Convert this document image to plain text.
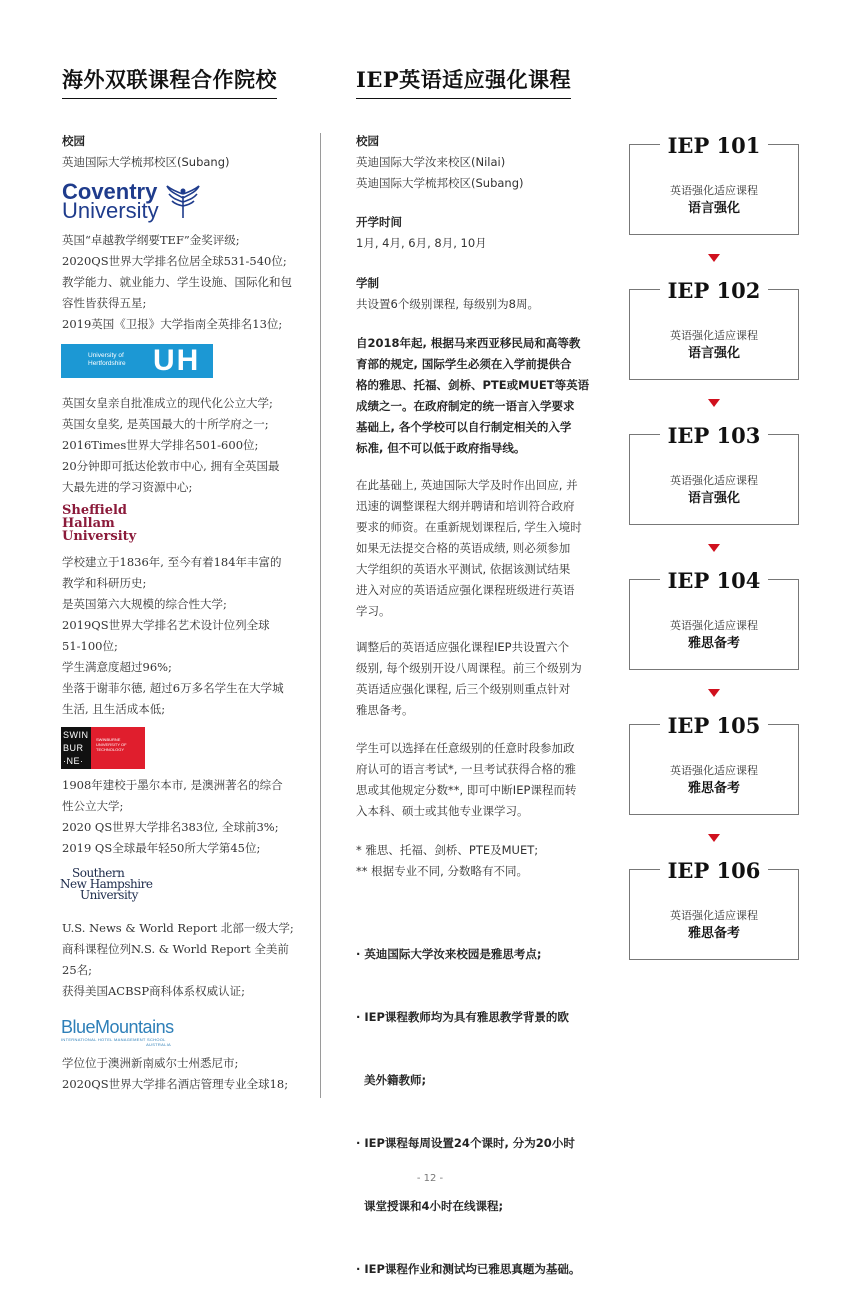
海外双联课程合作院校
校园
英迪国际大学梳邦校区(Subang)
Coventry
University
英国“卓越教学纲要TEF”金奖评级;
2020QS世界大学排名位居全球531-540位;
教学能力、就业能力、学生设施、国际化和包
容性皆获得五星;
2019英国《卫报》大学指南全英排名13位;
University of
Hertfordshire UH
英国女皇亲自批准成立的现代化公立大学;
英国女皇奖, 是英国最大的十所学府之一;
2016Times世界大学排名501-600位;
20分钟即可抵达伦敦市中心, 拥有全英国最
大最先进的学习资源中心;
Sheffield
Hallam
University
学校建立于1836年, 至今有着184年丰富的
教学和科研历史;
是英国第六大规模的综合性大学;
2019QS世界大学排名艺术设计位列全球
51-100位;
学生满意度超过96%;
坐落于谢菲尔德, 超过6万多名学生在大学城
生活, 且生活成本低;
SWIN
BUR
·NE·
SWINBURNE
UNIVERSITY OF
TECHNOLOGY
1908年建校于墨尔本市, 是澳洲著名的综合
性公立大学;
2020 QS世界大学排名383位, 全球前3%;
2019 QS全球最年轻50所大学第45位;
Southern
New Hampshire
University
U.S. News & World Report 北部一级大学;
商科课程位列N.S. & World Report 全美前
25名;
获得美国ACBSP商科体系权威认证;
BlueMountains
INTERNATIONAL HOTEL MANAGEMENT SCHOOL
AUSTRALIA
学位位于澳洲新南威尔士州悉尼市;
2020QS世界大学排名酒店管理专业全球18;
IEP英语适应强化课程
校园
英迪国际大学汝来校区(Nilai)
英迪国际大学梳邦校区(Subang)
开学时间
1月, 4月, 6月, 8月, 10月
学制
共设置6个级别课程, 每级别为8周。
自2018年起, 根据马来西亚移民局和高等教
育部的规定, 国际学生必须在入学前提供合
格的雅思、托福、剑桥、PTE或MUET等英语
成绩之一。在政府制定的统一语言入学要求
基础上, 各个学校可以自行制定相关的入学
标准, 但不可以低于政府指导线。
在此基础上, 英迪国际大学及时作出回应, 并
迅速的调整课程大纲并聘请和培训符合政府
要求的师资。在重新规划课程后, 学生入境时
如果无法提交合格的英语成绩, 则必须参加
大学组织的英语水平测试, 依据该测试结果
进入对应的英语适应强化课程班级进行英语
学习。
调整后的英语适应强化课程IEP共设置六个
级别, 每个级别开设八周课程。前三个级别为
英语适应强化课程, 后三个级别则重点针对
雅思备考。
学生可以选择在任意级别的任意时段参加政
府认可的语言考试*, 一旦考试获得合格的雅
思或其他规定分数**, 即可中断IEP课程而转
入本科、硕士或其他专业课学习。
* 雅思、托福、剑桥、PTE及MUET;
** 根据专业不同, 分数略有不同。

· 英迪国际大学汝来校园是雅思考点;

· IEP课程教师均为具有雅思教学背景的欧

美外籍教师;

· IEP课程每周设置24个课时, 分为20小时

课堂授课和4小时在线课程;

· IEP课程作业和测试均已雅思真题为基础。

IEP 101
英语强化适应课程
语言强化
IEP 102
英语强化适应课程
语言强化
IEP 103
英语强化适应课程
语言强化
IEP 104
英语强化适应课程
雅思备考
IEP 105
英语强化适应课程
雅思备考
IEP 106
英语强化适应课程
雅思备考
- 12 -
